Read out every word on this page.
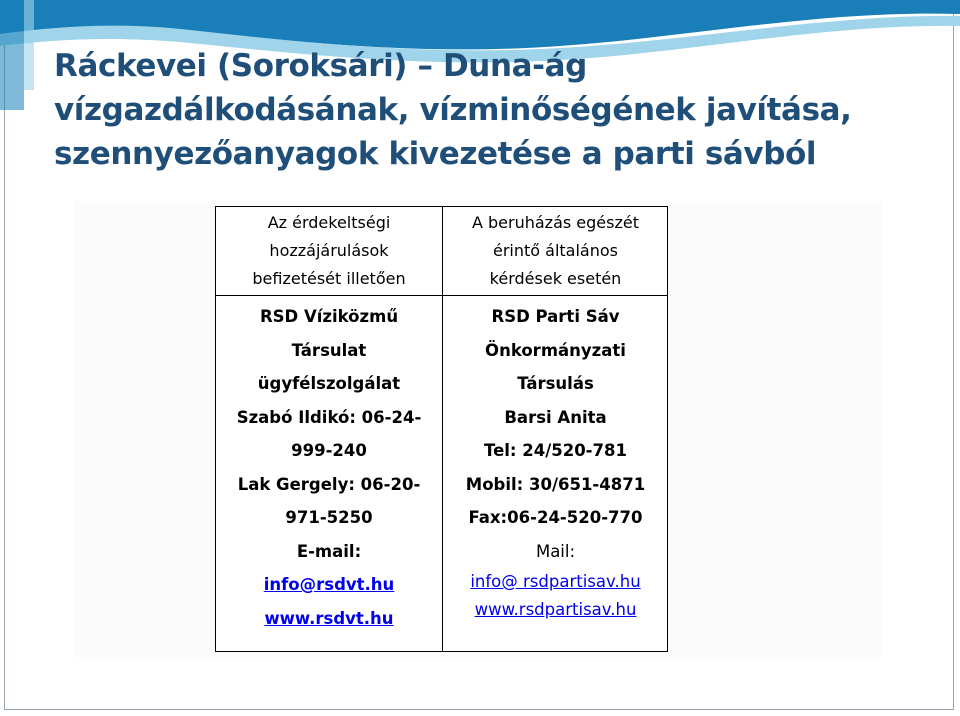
Ráckevei (Soroksári) – Duna-ág
vízgazdálkodásának, vízminőségének javítása,
szennyezőanyagok kivezetése a parti sávból
Az érdekeltségi
hozzájárulások
befizetését illetően
RSD Víziközmű
Társulat
ügyfélszolgálat
Szabó Ildikó: 06-24-
999-240
Lak Gergely: 06-20-
971-5250
E-mail:
info@rsdvt.hu
www.rsdvt.hu
A beruházás egészét
érintő általános
kérdések esetén
RSD Parti Sáv
Önkormányzati
Társulás
Barsi Anita
Tel: 24/520-781
Mobil: 30/651-4871
Fax:06-24-520-770
Mail:
info@ rsdpartisav.hu
www.rsdpartisav.hu
